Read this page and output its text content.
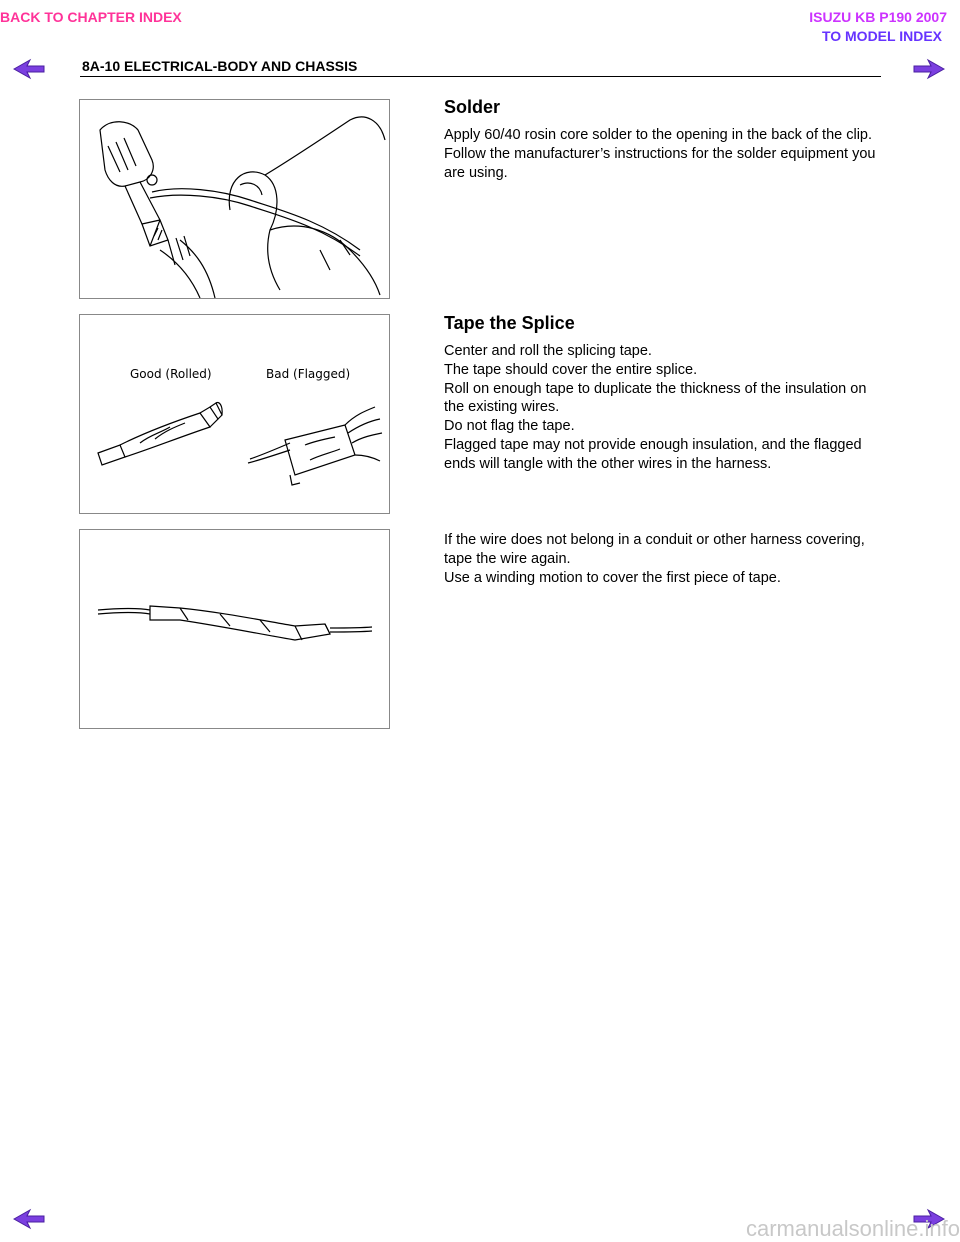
BACK TO CHAPTER INDEX	ISUZU KB P190 2007
TO MODEL INDEX
8A-10 ELECTRICAL-BODY AND CHASSIS
Solder

Apply 60/40 rosin core solder to the opening in the back of the clip.

Follow the manufacturer’s instructions for the solder equipment you are using.

Good (Rolled)	Bad (Flagged)
Tape the Splice

Center and roll the splicing tape.

The tape should cover the entire splice.

Roll on enough tape to duplicate the thickness of the insulation on the existing wires.

Do not flag the tape.

Flagged tape may not provide enough insulation, and the flagged ends will tangle with the other wires in the harness.

If the wire does not belong in a conduit or other harness covering, tape the wire again.

Use a winding motion to cover the first piece of tape.

carmanualsonline.info
